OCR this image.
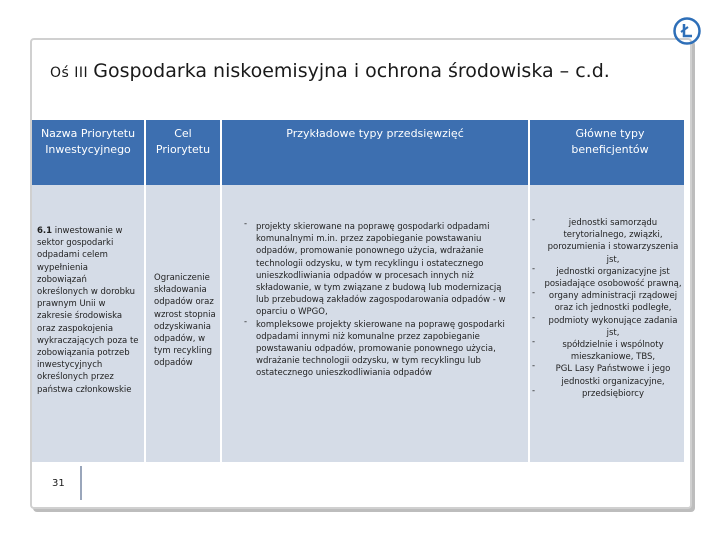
Oś III Gospodarka niskoemisyjna i ochrona środowiska – c.d.
Nazwa Priorytetu Inwestycyjnego
6.1 inwestowanie w sektor gospodarki odpadami celem wypełnienia zobowiązań określonych w dorobku prawnym Unii w zakresie środowiska oraz zaspokojenia wykraczających poza te zobowiązania potrzeb inwestycyjnych określonych przez państwa członkowskie
Cel Priorytetu
Ograniczenie składowania odpadów oraz wzrost stopnia odzyskiwania odpadów, w tym recykling odpadów
Przykładowe typy przedsięwzięć
- projekty skierowane na poprawę gospodarki odpadami komunalnymi m.in. przez zapobieganie powstawaniu odpadów, promowanie ponownego użycia, wdrażanie technologii odzysku, w tym recyklingu i ostatecznego unieszkodliwiania odpadów w procesach innych niż składowanie, w tym związane z budową lub modernizacją lub przebudową zakładów zagospodarowania odpadów - w oparciu o WPGO,
- kompleksowe projekty skierowane na poprawę gospodarki odpadami innymi niż komunalne przez zapobieganie powstawaniu odpadów, promowanie ponownego użycia, wdrażanie technologii odzysku, w tym recyklingu lub ostatecznego unieszkodliwiania odpadów
Główne typy beneficjentów
- jednostki samorządu terytorialnego, związki, porozumienia i stowarzyszenia jst,
- jednostki organizacyjne jst posiadające osobowość prawną,
- organy administracji rządowej oraz ich jednostki podległe,
- podmioty wykonujące zadania jst,
- spółdzielnie i wspólnoty mieszkaniowe, TBS,
- PGL Lasy Państwowe i jego jednostki organizacyjne,
- przedsiębiorcy
31
